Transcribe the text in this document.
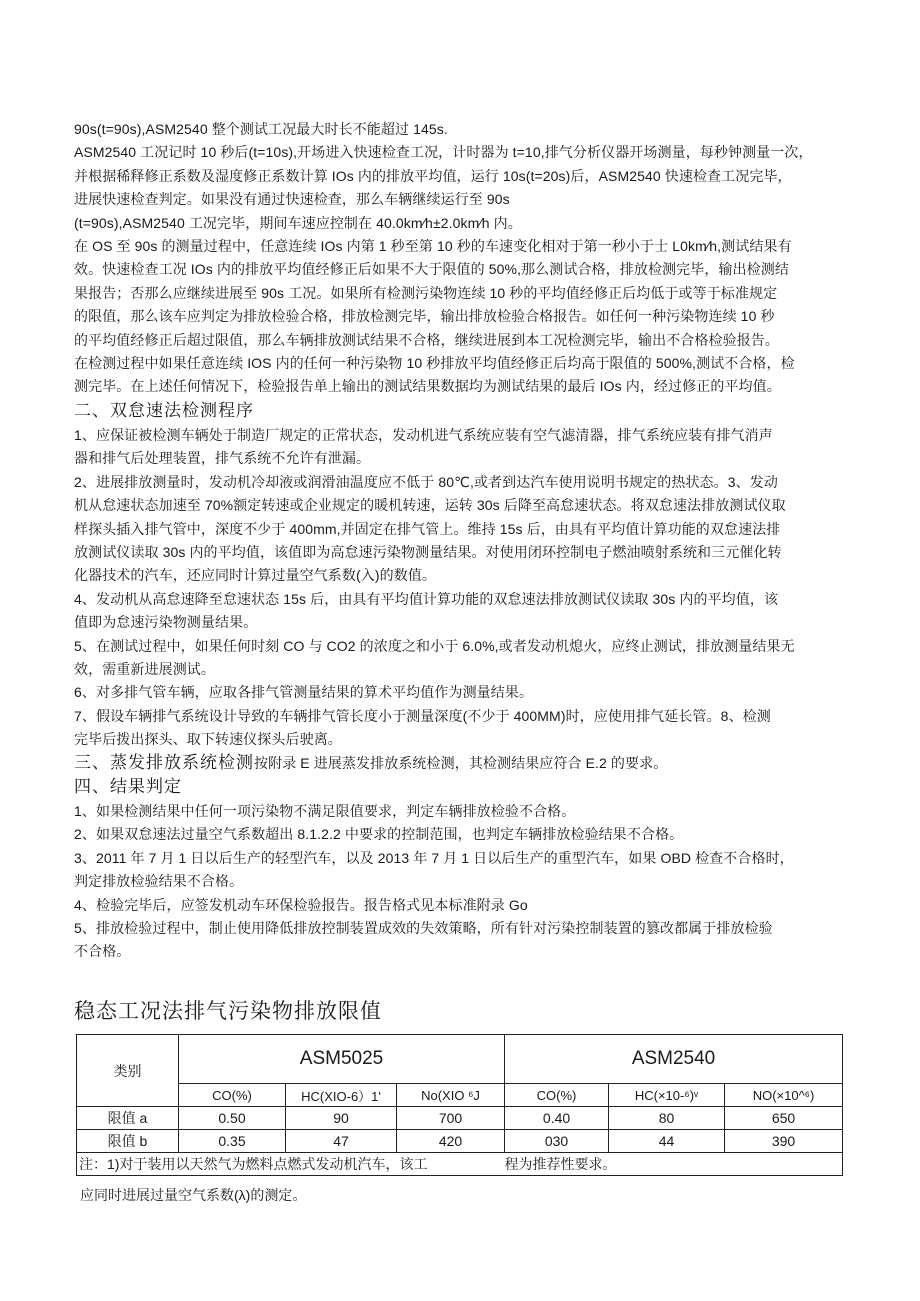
90s(t=90s),ASM2540 整个测试工况最大时长不能超过 145s.

ASM2540 工况记时 10 秒后(t=10s),开场进入快速检查工况，计时器为 t=10,排气分析仪器开场测量，每秒钟测量一次，

并根据稀释修正系数及湿度修正系数计算 IOs 内的排放平均值，运行 10s(t=20s)后，ASM2540 快速检查工况完毕，

进展快速检查判定。如果没有通过快速检查，那么车辆继续运行至 90s

(t=90s),ASM2540 工况完毕，期间车速应控制在 40.0km∕h±2.0km∕h 内。

在 OS 至 90s 的测量过程中，任意连续 IOs 内第 1 秒至第 10 秒的车速变化相对于第一秒小于士 L0km∕h,测试结果有

效。快速检查工况 IOs 内的排放平均值经修正后如果不大于限值的 50%,那么测试合格，排放检测完毕，输出检测结

果报告；否那么应继续进展至 90s 工况。如果所有检测污染物连续 10 秒的平均值经修正后均低于或等于标准规定

的限值，那么该车应判定为排放检验合格，排放检测完毕，输出排放检验合格报告。如任何一种污染物连续 10 秒

的平均值经修正后超过限值，那么车辆排放测试结果不合格，继续进展到本工况检测完毕，输出不合格检验报告。

在检测过程中如果任意连续 IOS 内的任何一种污染物 10 秒排放平均值经修正后均高于限值的 500%,测试不合格，检

测完毕。在上述任何情况下，检验报告单上输出的测试结果数据均为测试结果的最后 IOs 内，经过修正的平均值。

二、双怠速法检测程序

1、应保证被检测车辆处于制造厂规定的正常状态，发动机进气系统应装有空气滤清器，排气系统应装有排气消声

器和排气后处理装置，排气系统不允许有泄漏。

2、进展排放测量时，发动机冷却液或润滑油温度应不低于 80℃,或者到达汽车使用说明书规定的热状态。3、发动

机从怠速状态加速至 70%额定转速或企业规定的暖机转速，运转 30s 后降至高怠速状态。将双怠速法排放测试仪取

样探头插入排气管中，深度不少于 400mm,并固定在排气管上。维持 15s 后，由具有平均值计算功能的双怠速法排

放测试仪读取 30s 内的平均值，该值即为高怠速污染物测量结果。对使用闭环控制电子燃油喷射系统和三元催化转

化器技术的汽车，还应同时计算过量空气系数(入)的数值。

4、发动机从高怠速降至怠速状态 15s 后，由具有平均值计算功能的双怠速法排放测试仪读取 30s 内的平均值，该

值即为怠速污染物测量结果。

5、在测试过程中，如果任何时刻 CO 与 CO2 的浓度之和小于 6.0%,或者发动机熄火，应终止测试，排放测量结果无

效，需重新进展测试。

6、对多排气管车辆，应取各排气管测量结果的算术平均值作为测量结果。

7、假设车辆排气系统设计导致的车辆排气管长度小于测量深度(不少于 400MM)时，应使用排气延长管。8、检测

完毕后拨出探头、取下转速仪探头后驶离。

三、蒸发排放系统检测按附录 E 进展蒸发排放系统检测，其检测结果应符合 E.2 的要求。

四、结果判定

1、如果检测结果中任何一项污染物不满足限值要求，判定车辆排放检验不合格。

2、如果双怠速法过量空气系数超出 8.1.2.2 中要求的控制范围，也判定车辆排放检验结果不合格。

3、2011 年 7 月 1 日以后生产的轻型汽车，以及 2013 年 7 月 1 日以后生产的重型汽车，如果 OBD 检查不合格时，

判定排放检验结果不合格。

4、检验完毕后，应签发机动车环保检验报告。报告格式见本标准附录 Go

5、排放检验过程中，制止使用降低排放控制装置成效的失效策略，所有针对污染控制装置的篡改都属于排放检验

不合格。

稳态工况法排气污染物排放限值
类别	ASM5025			ASM2540		
	CO(%)	HC(XIO-6）1'	No(XIO ⁶J	CO(%)	HC(×10-⁶)ᵛ	NO(×10^⁶)
限值 a	0.50	90	700	0.40	80	650
限值 b	0.35	47	420	030	44	390
注：1)对于装用以天然气为燃料点燃式发动机汽车，该工				程为推荐性要求。		

应同时进展过量空气系数(λ)的测定。
